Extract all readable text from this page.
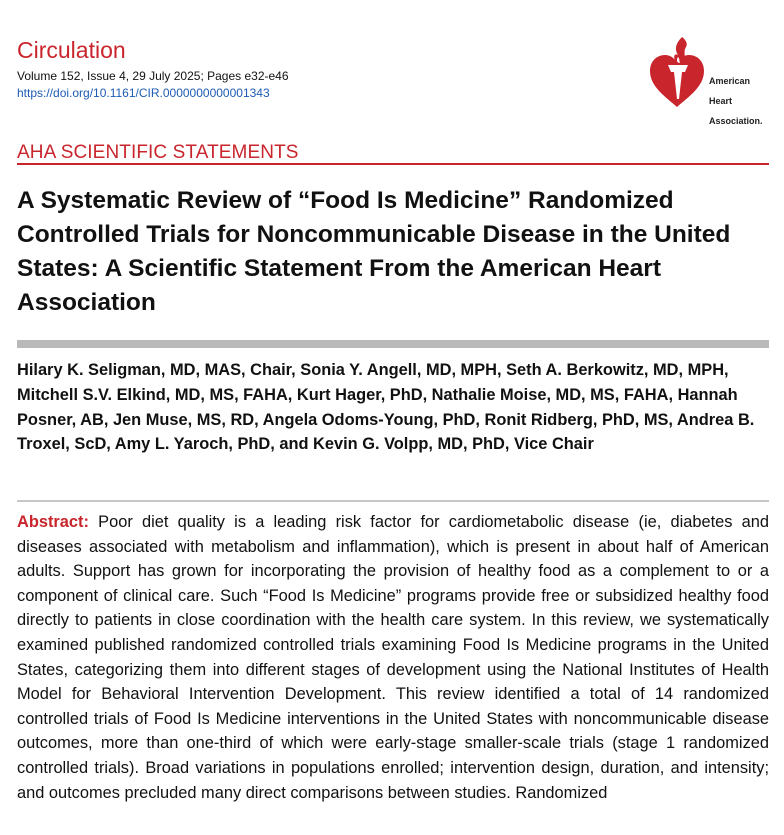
Circulation
Volume 152, Issue 4, 29 July 2025; Pages e32-e46
https://doi.org/10.1161/CIR.0000000000001343

American

Heart

Association.

AHA SCIENTIFIC STATEMENTS
A Systematic Review of “Food Is Medicine” Randomized Controlled Trials for Noncommunicable Disease in the United States: A Scientific Statement From the American Heart Association

Hilary K. Seligman, MD, MAS, Chair, Sonia Y. Angell, MD, MPH, Seth A. Berkowitz, MD, MPH, Mitchell S.V. Elkind, MD, MS, FAHA, Kurt Hager, PhD, Nathalie Moise, MD, MS, FAHA, Hannah Posner, AB, Jen Muse, MS, RD, Angela Odoms-Young, PhD, Ronit Ridberg, PhD, MS, Andrea B. Troxel, ScD, Amy L. Yaroch, PhD, and Kevin G. Volpp, MD, PhD, Vice Chair

Abstract: Poor diet quality is a leading risk factor for cardiometabolic disease (ie, diabetes and diseases associated with metabolism and inflammation), which is present in about half of American adults. Support has grown for incorporating the provision of healthy food as a complement to or a component of clinical care. Such “Food Is Medicine” programs provide free or subsidized healthy food directly to patients in close coordination with the health care system. In this review, we systematically examined published randomized controlled trials examining Food Is Medicine programs in the United States, categorizing them into different stages of development using the National Institutes of Health Model for Behavioral Intervention Development. This review identified a total of 14 randomized controlled trials of Food Is Medicine interventions in the United States with noncommunicable disease outcomes, more than one-third of which were early-stage smaller-scale trials (stage 1 randomized controlled trials). Broad variations in populations enrolled; intervention design, duration, and intensity; and outcomes precluded many direct comparisons between studies. Randomized
